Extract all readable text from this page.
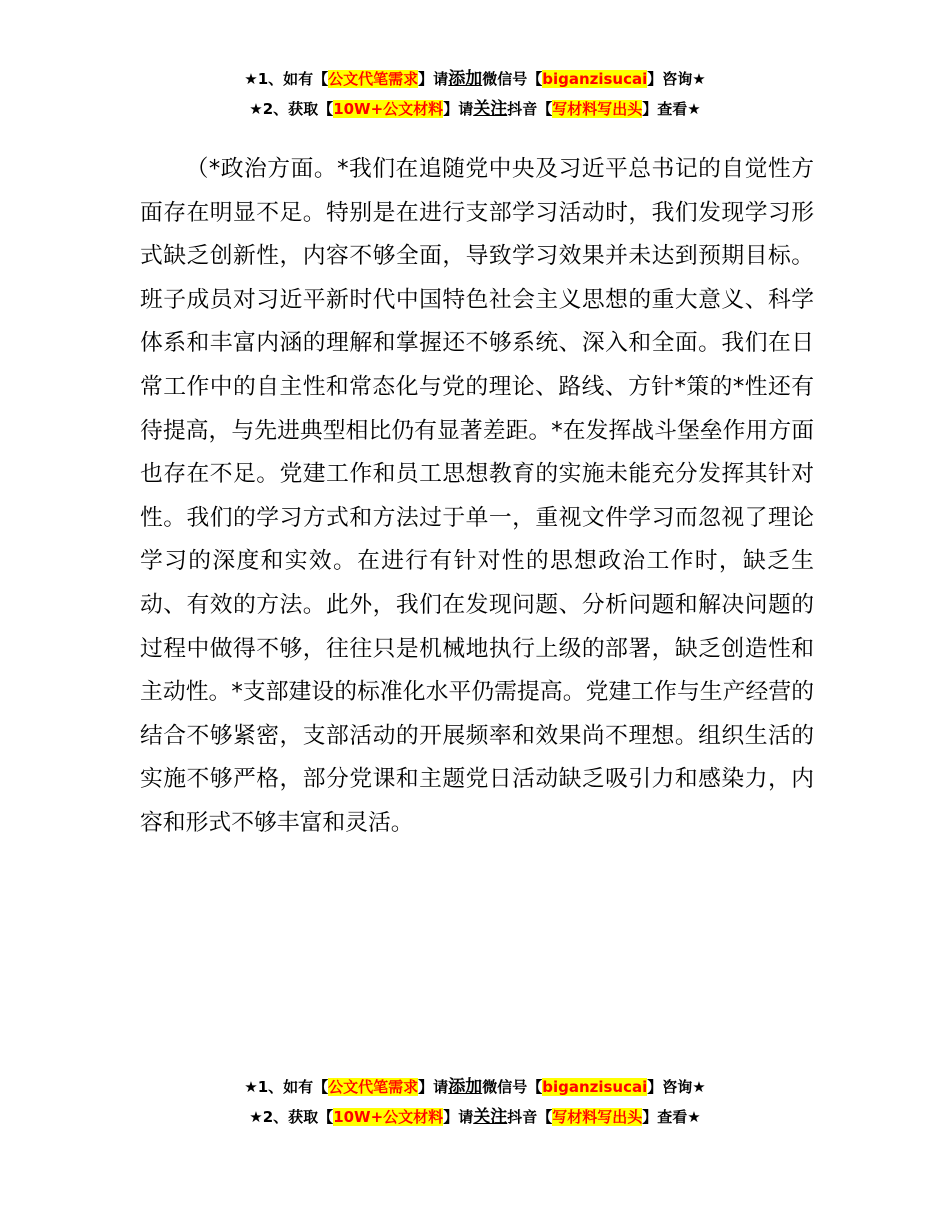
★1、如有【公文代笔需求】请添加微信号【biganzisucai】咨询★
★2、获取【10W+公文材料】请关注抖音【写材料写出头】查看★

（*政治方面。*我们在追随党中央及习近平总书记的自觉性方面存在明显不足。特别是在进行支部学习活动时，我们发现学习形式缺乏创新性，内容不够全面，导致学习效果并未达到预期目标。班子成员对习近平新时代中国特色社会主义思想的重大意义、科学体系和丰富内涵的理解和掌握还不够系统、深入和全面。我们在日常工作中的自主性和常态化与党的理论、路线、方针*策的*性还有待提高，与先进典型相比仍有显著差距。*在发挥战斗堡垒作用方面也存在不足。党建工作和员工思想教育的实施未能充分发挥其针对性。我们的学习方式和方法过于单一，重视文件学习而忽视了理论学习的深度和实效。在进行有针对性的思想政治工作时，缺乏生动、有效的方法。此外，我们在发现问题、分析问题和解决问题的过程中做得不够，往往只是机械地执行上级的部署，缺乏创造性和主动性。*支部建设的标准化水平仍需提高。党建工作与生产经营的结合不够紧密，支部活动的开展频率和效果尚不理想。组织生活的实施不够严格，部分党课和主题党日活动缺乏吸引力和感染力，内容和形式不够丰富和灵活。

★1、如有【公文代笔需求】请添加微信号【biganzisucai】咨询★
★2、获取【10W+公文材料】请关注抖音【写材料写出头】查看★
